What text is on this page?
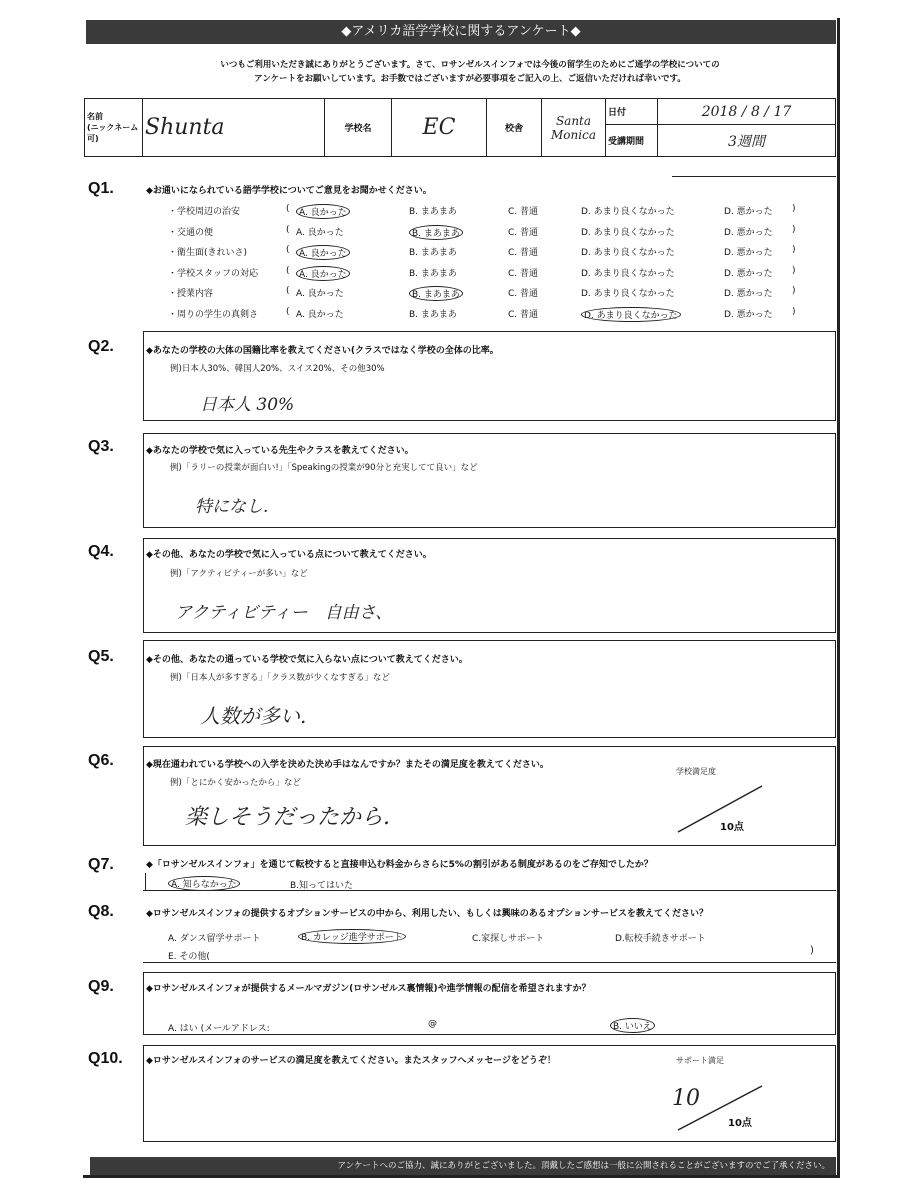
◆アメリカ語学学校に関するアンケート◆
いつもご利用いただき誠にありがとうございます。さて、ロサンゼルスインフォでは今後の留学生のためにご通学の学校についての
アンケートをお願いしています。お手数ではございますが必要事項をご記入の上、ご返信いただければ幸いです。
名前
(ニックネーム可)	Shunta	学校名	EC	校舎	Santa Monica	日付	2018 / 8 / 17
						受講期間	3週間
Q1.	◆お通いになられている語学学校についてご意見をお聞かせください。
・学校周辺の治安	(	A. 良かった	B. まあまあ	C. 普通	D. あまり良くなかった	D. 悪かった )
・交通の便	( A. 良かった	B. まあまあ	C. 普通	D. あまり良くなかった	D. 悪かった )
・衛生面(きれいさ)	(	A. 良かった	B. まあまあ	C. 普通	D. あまり良くなかった	D. 悪かった )
・学校スタッフの対応	(	A. 良かった	B. まあまあ	C. 普通	D. あまり良くなかった	D. 悪かった )
・授業内容	( A. 良かった	B. まあまあ	C. 普通	D. あまり良くなかった	D. 悪かった )
・周りの学生の真剣さ	( A. 良かった	B. まあまあ	C. 普通	D. あまり良くなかった	D. 悪かった )
Q2.	◆あなたの学校の大体の国籍比率を教えてください(クラスではなく学校の全体の比率。
例)日本人30%、韓国人20%、スイス20%、その他30%
日本人 30%
Q3.	◆あなたの学校で気に入っている先生やクラスを教えてください。
例)「ラリーの授業が面白い!」「Speakingの授業が90分と充実してて良い」など
特になし.
Q4.	◆その他、あなたの学校で気に入っている点について教えてください。
例)「アクティビティーが多い」など
アクティビティー　自由さ、
Q5.	◆その他、あなたの通っている学校で気に入らない点について教えてください。
例)「日本人が多すぎる」「クラス数が少くなすぎる」など
人数が多い.
Q6.	◆現在通われている学校への入学を決めた決め手はなんですか？またその満足度を教えてください。
例)「とにかく安かったから」など
楽しそうだったから.
学校満足度
10点
Q7.	◆「ロサンゼルスインフォ」を通じて転校すると直接申込む料金からさらに5%の割引がある制度があるのをご存知でしたか？
A. 知らなかった	B.知ってはいた
Q8.	◆ロサンゼルスインフォの提供するオプションサービスの中から、利用したい、もしくは興味のあるオプションサービスを教えてください？
A. ダンス留学サポート	B. カレッジ進学サポート	C.家探しサポート	D.転校手続きサポート
E. その他(
)
Q9.	◆ロサンゼルスインフォが提供するメールマガジン(ロサンゼルス裏情報)や進学情報の配信を希望されますか？
A. はい (メールアドレス:	@	B. いいえ
Q10.	◆ロサンゼルスインフォのサービスの満足度を教えてください。またスタッフへメッセージをどうぞ！	サポート満足
10
10点
アンケートへのご協力、誠にありがとございました。頂戴したご感想は一般に公開されることがございますのでご了承ください。
